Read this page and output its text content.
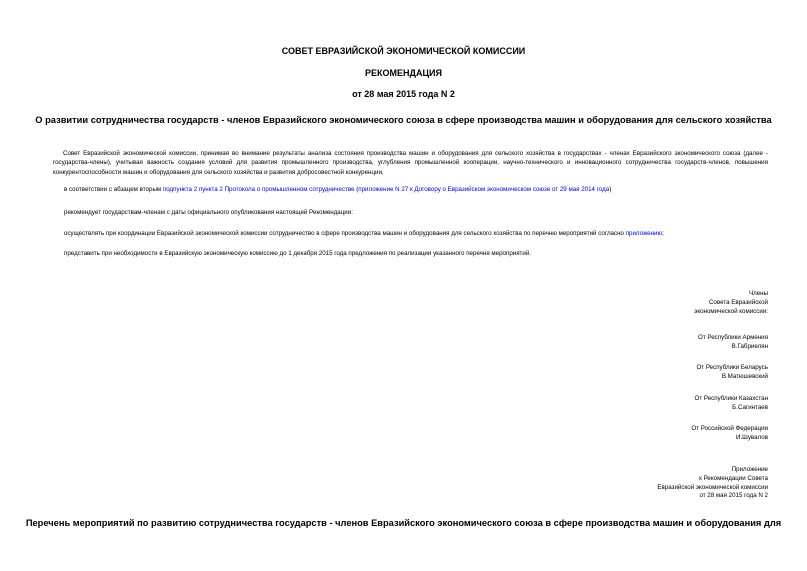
СОВЕТ ЕВРАЗИЙСКОЙ ЭКОНОМИЧЕСКОЙ КОМИССИИ
РЕКОМЕНДАЦИЯ
от 28 мая 2015 года N 2
О развитии сотрудничества государств - членов Евразийского экономического союза в сфере производства машин и оборудования для сельского хозяйства
Совет Евразийской экономической комиссии, принимая во внимание результаты анализа состояния производства машин и оборудования для сельского хозяйства в государствах - членах Евразийского экономического союза (далее - государства-члены), учитывая важность создания условий для развития промышленного производства, углубления промышленной кооперации, научно-технического и инновационного сотрудничества государств-членов, повышения конкурентоспособности машин и оборудования для сельского хозяйства и развития добросовестной конкуренции,
в соответствии с абзацем вторым подпункта 2 пункта 2 Протокола о промышленном сотрудничестве (приложение N 27 к Договору о Евразийском экономическом союзе от 29 мая 2014 года)
рекомендует государствам-членам с даты официального опубликования настоящей Рекомендации:
осуществлять при координации Евразийской экономической комиссии сотрудничество в сфере производства машин и оборудования для сельского хозяйства по перечню мероприятий согласно приложению;
представить при необходимости в Евразийскую экономическую комиссию до 1 декабря 2015 года предложения по реализации указанного перечня мероприятий.
Члены
Совета Евразийской
экономической комиссии:
От Республики Армения
В.Габриелян
От Республики Беларусь
В.Матюшевский
От Республики Казахстан
Б.Сагинтаев
От Российской Федерации
И.Шувалов
Приложение
к Рекомендации Совета
Евразийской экономической комиссии
от 28 мая 2015 года N 2
Перечень мероприятий по развитию сотрудничества государств - членов Евразийского экономического союза в сфере производства машин и оборудования для
